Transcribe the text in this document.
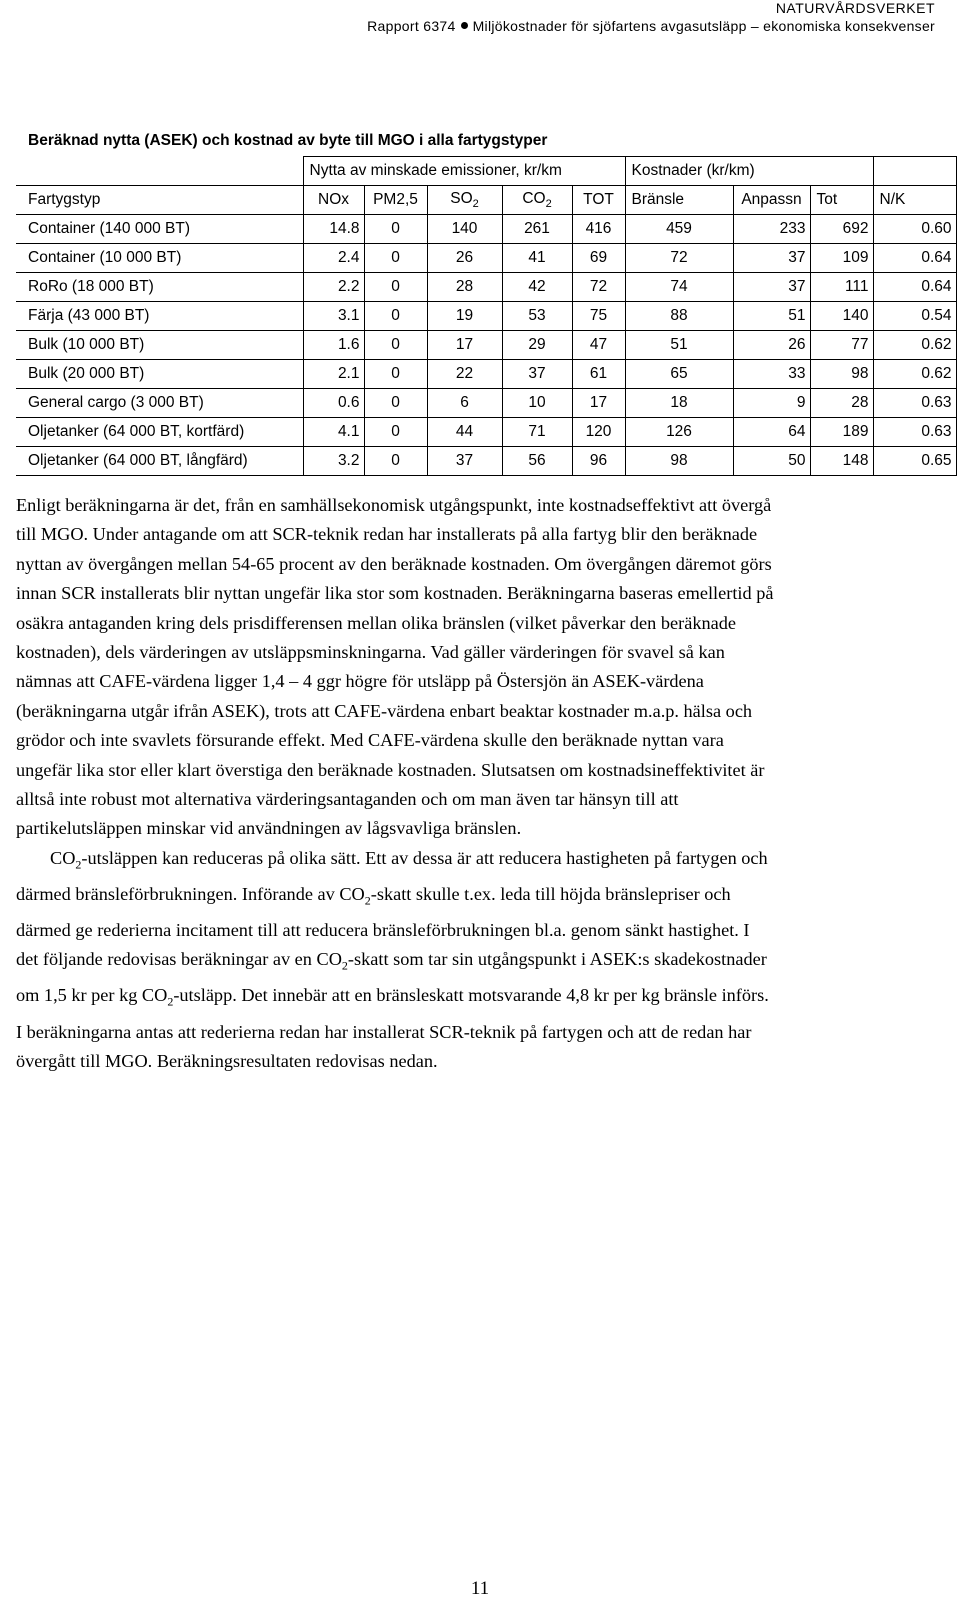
NATURVÅRDSVERKET
Rapport 6374 Miljökostnader för sjöfartens avgasutsläpp – ekonomiska konsekvenser
Beräknad nytta (ASEK) och kostnad av byte till MGO i alla fartygstyper									
	Nytta av minskade emissioner, kr/km					Kostnader (kr/km)			
Fartygstyp	NOx	PM2,5	$SO_2$	$CO_2$	TOT	Bränsle	Anpassn	Tot	N/K
Container (140 000 BT)	14.8	0	140	261	416	459	233	692	0.60
Container (10 000 BT)	2.4	0	26	41	69	72	37	109	0.64
RoRo (18 000 BT)	2.2	0	28	42	72	74	37	111	0.64
Färja (43 000 BT)	3.1	0	19	53	75	88	51	140	0.54
Bulk (10 000 BT)	1.6	0	17	29	47	51	26	77	0.62
Bulk (20 000 BT)	2.1	0	22	37	61	65	33	98	0.62
General cargo (3 000 BT)	0.6	0	6	10	17	18	9	28	0.63
Oljetanker (64 000 BT, kortfärd)	4.1	0	44	71	120	126	64	189	0.63
Oljetanker (64 000 BT, långfärd)	3.2	0	37	56	96	98	50	148	0.65

Enligt beräkningarna är det, från en samhällsekonomisk utgångspunkt, inte kostnadseffektivt att övergå till MGO. Under antagande om att SCR-teknik redan har installerats på alla fartyg blir den beräknade nyttan av övergången mellan 54-65 procent av den beräknade kostnaden. Om övergången däremot görs innan SCR installerats blir nyttan ungefär lika stor som kostnaden. Beräkningarna baseras emellertid på osäkra antaganden kring dels prisdifferensen mellan olika bränslen (vilket påverkar den beräknade kostnaden), dels värderingen av utsläppsminskningarna. Vad gäller värderingen för svavel så kan nämnas att CAFE-värdena ligger 1,4 – 4 ggr högre för utsläpp på Östersjön än ASEK-värdena (beräkningarna utgår ifrån ASEK), trots att CAFE-värdena enbart beaktar kostnader m.a.p. hälsa och grödor och inte svavlets försurande effekt. Med CAFE-värdena skulle den beräknade nyttan vara ungefär lika stor eller klart överstiga den beräknade kostnaden. Slutsatsen om kostnadsineffektivitet är alltså inte robust mot alternativa värderingsantaganden och om man även tar hänsyn till att partikelutsläppen minskar vid användningen av lågsvavliga bränslen.

$CO_2$-utsläppen kan reduceras på olika sätt. Ett av dessa är att reducera hastigheten på fartygen och därmed bränsleförbrukningen. Införande av $CO_2$-skatt skulle t.ex. leda till höjda bränslepriser och därmed ge rederierna incitament till att reducera bränsleförbrukningen bl.a. genom sänkt hastighet. I det följande redovisas beräkningar av en $CO_2$-skatt som tar sin utgångspunkt i ASEK:s skadekostnader om 1,5 kr per kg $CO_2$-utsläpp. Det innebär att en bränsleskatt motsvarande 4,8 kr per kg bränsle införs. I beräkningarna antas att rederierna redan har installerat SCR-teknik på fartygen och att de redan har övergått till MGO. Beräkningsresultaten redovisas nedan.

11
